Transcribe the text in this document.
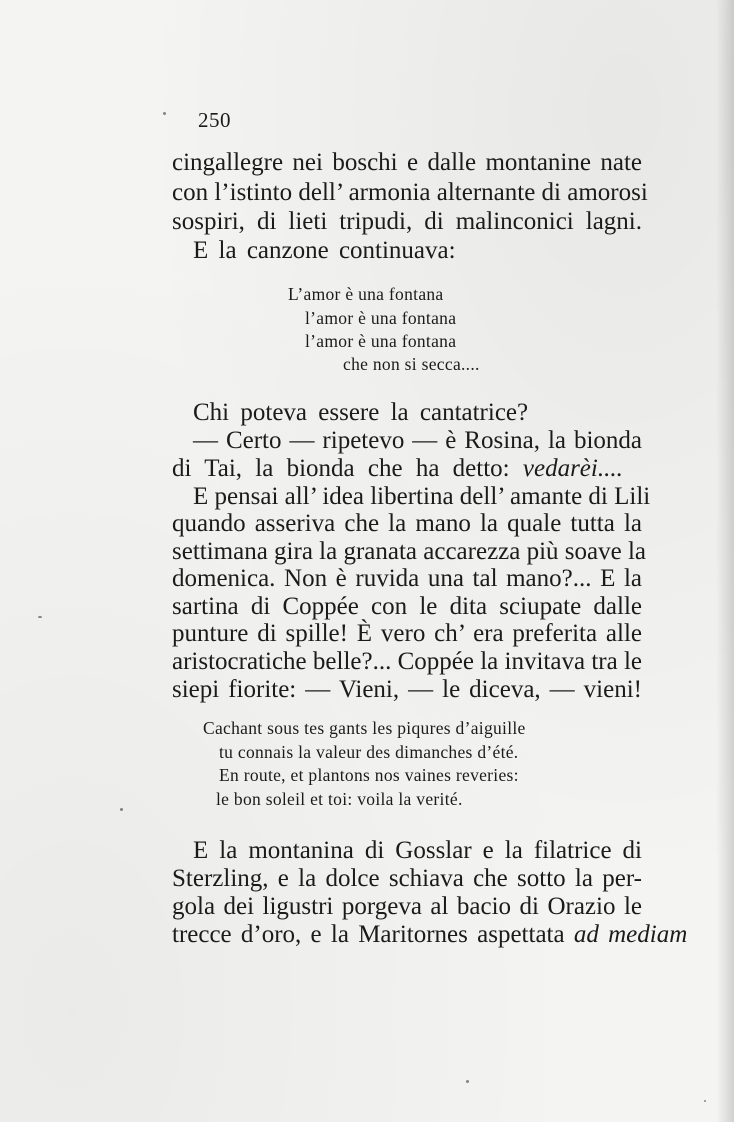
250
cingallegre nei boschi e dalle montanine nate
con l’istinto dell’ armonia alternante di amorosi
sospiri, di lieti tripudi, di malinconici lagni.
E la canzone continuava:
L’amor è una fontana
l’amor è una fontana
l’amor è una fontana
che non si secca....
Chi poteva essere la cantatrice?
— Certo — ripetevo — è Rosina, la bionda
di Tai, la bionda che ha detto: vedarèi....
E pensai all’ idea libertina dell’ amante di Lili
quando asseriva che la mano la quale tutta la
settimana gira la granata accarezza più soave la
domenica. Non è ruvida una tal mano?... E la
sartina di Coppée con le dita sciupate dalle
punture di spille! È vero ch’ era preferita alle
aristocratiche belle?... Coppée la invitava tra le
siepi fiorite: — Vieni, — le diceva, — vieni!
Cachant sous tes gants les piqures d’aiguille
tu connais la valeur des dimanches d’été.
En route, et plantons nos vaines reveries:
le bon soleil et toi: voila la verité.
E la montanina di Gosslar e la filatrice di
Sterzling, e la dolce schiava che sotto la per-
gola dei ligustri porgeva al bacio di Orazio le
trecce d’oro, e la Maritornes aspettata ad mediam
